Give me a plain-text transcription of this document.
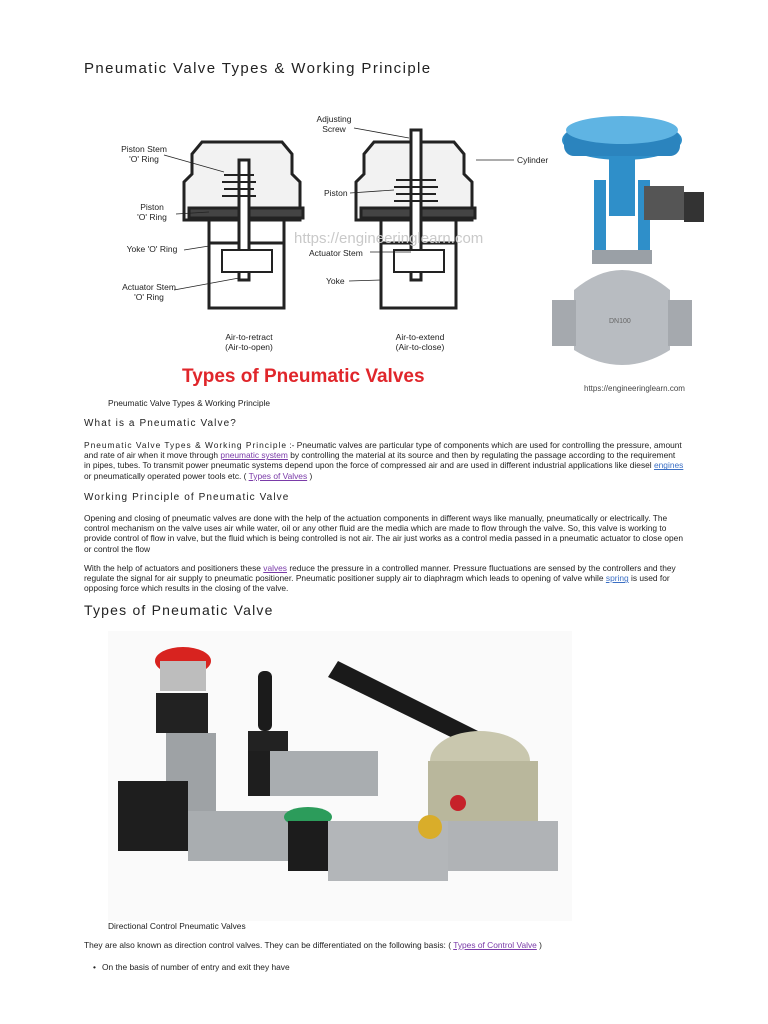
Pneumatic Valve Types & Working Principle
https://engineeringlearn.com
Piston Stem 'O' Ring
Piston 'O' Ring
Yoke 'O' Ring
Actuator Stem 'O' Ring
Air-to-retract (Air-to-open)
Adjusting Screw
Piston
Actuator Stem
Yoke
Cylinder
Air-to-extend (Air-to-close)
DN100
Types of Pneumatic Valves
https://engineeringlearn.com
Pneumatic Valve Types & Working Principle
What is a Pneumatic Valve?
Pneumatic Valve Types & Working Principle :- Pneumatic valves are particular type of components which are used for controlling the pressure, amount and rate of air when it move through pneumatic system by controlling the material at its source and then by regulating the passage according to the requirement in pipes, tubes. To transmit power pneumatic systems depend upon the force of compressed air and are used in different industrial applications like diesel engines or pneumatically operated power tools etc. ( Types of Valves )
Working Principle of Pneumatic Valve
Opening and closing of pneumatic valves are done with the help of the actuation components in different ways like manually, pneumatically or electrically. The control mechanism on the valve uses air while water, oil or any other fluid are the media which are made to flow through the valve. So, this valve is working to provide control of flow in valve, but the fluid which is being controlled is not air. The air just works as a control media passed in a pneumatic actuator to close open or control the flow
With the help of actuators and positioners these valves reduce the pressure in a controlled manner. Pressure fluctuations are sensed by the controllers and they regulate the signal for air supply to pneumatic positioner. Pneumatic positioner supply air to diaphragm which leads to opening of valve while spring is used for opposing force which results in the closing of the valve.
Types of Pneumatic Valve
Directional Control Pneumatic Valves
They are also known as direction control valves. They can be differentiated on the following basis: ( Types of Control Valve )
• On the basis of number of entry and exit they have
